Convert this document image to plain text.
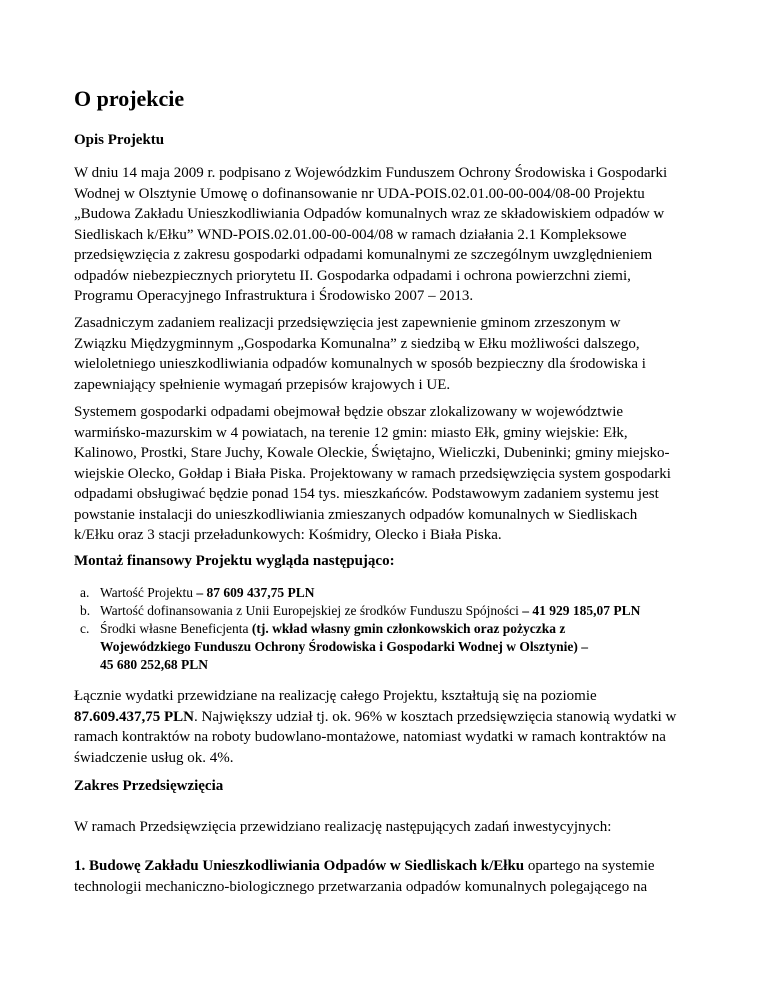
O projekcie

Opis Projektu

W dniu 14 maja 2009 r. podpisano z Wojewódzkim Funduszem Ochrony Środowiska i Gospodarki
Wodnej w Olsztynie Umowę o dofinansowanie nr UDA-POIS.02.01.00-00-004/08-00 Projektu
„Budowa Zakładu Unieszkodliwiania Odpadów komunalnych wraz ze składowiskiem odpadów w
Siedliskach k/Ełku” WND-POIS.02.01.00-00-004/08 w ramach działania 2.1 Kompleksowe
przedsięwzięcia z zakresu gospodarki odpadami komunalnymi ze szczególnym uwzględnieniem
odpadów niebezpiecznych priorytetu II. Gospodarka odpadami i ochrona powierzchni ziemi,
Programu Operacyjnego Infrastruktura i Środowisko 2007 – 2013.

Zasadniczym zadaniem realizacji przedsięwzięcia jest zapewnienie gminom zrzeszonym w
Związku Międzygminnym „Gospodarka Komunalna” z siedzibą w Ełku możliwości dalszego,
wieloletniego unieszkodliwiania odpadów komunalnych w sposób bezpieczny dla środowiska i
zapewniający spełnienie wymagań przepisów krajowych i UE.

Systemem gospodarki odpadami obejmował będzie obszar zlokalizowany w województwie
warmińsko-mazurskim w 4 powiatach, na terenie 12 gmin: miasto Ełk, gminy wiejskie: Ełk,
Kalinowo, Prostki, Stare Juchy, Kowale Oleckie, Świętajno, Wieliczki, Dubeninki; gminy miejsko-
wiejskie Olecko, Gołdap i Biała Piska. Projektowany w ramach przedsięwzięcia system gospodarki
odpadami obsługiwać będzie ponad 154 tys. mieszkańców. Podstawowym zadaniem systemu jest
powstanie instalacji do unieszkodliwiania zmieszanych odpadów komunalnych w Siedliskach
k/Ełku oraz 3 stacji przeładunkowych: Kośmidry, Olecko i Biała Piska.

Montaż finansowy Projektu wygląda następująco:

a. Wartość Projektu – 87 609 437,75 PLN
b. Wartość dofinansowania z Unii Europejskiej ze środków Funduszu Spójności – 41 929 185,07 PLN
c. Środki własne Beneficjenta (tj. wkład własny gmin członkowskich oraz pożyczka z
Wojewódzkiego Funduszu Ochrony Środowiska i Gospodarki Wodnej w Olsztynie) –
45 680 252,68 PLN

Łącznie wydatki przewidziane na realizację całego Projektu, kształtują się na poziomie
87.609.437,75 PLN. Największy udział tj. ok. 96% w kosztach przedsięwzięcia stanowią wydatki w
ramach kontraktów na roboty budowlano-montażowe, natomiast wydatki w ramach kontraktów na
świadczenie usług ok. 4%.

Zakres Przedsięwzięcia

W ramach Przedsięwzięcia przewidziano realizację następujących zadań inwestycyjnych:

1. Budowę Zakładu Unieszkodliwiania Odpadów w Siedliskach k/Ełku opartego na systemie
technologii mechaniczno-biologicznego przetwarzania odpadów komunalnych polegającego na
